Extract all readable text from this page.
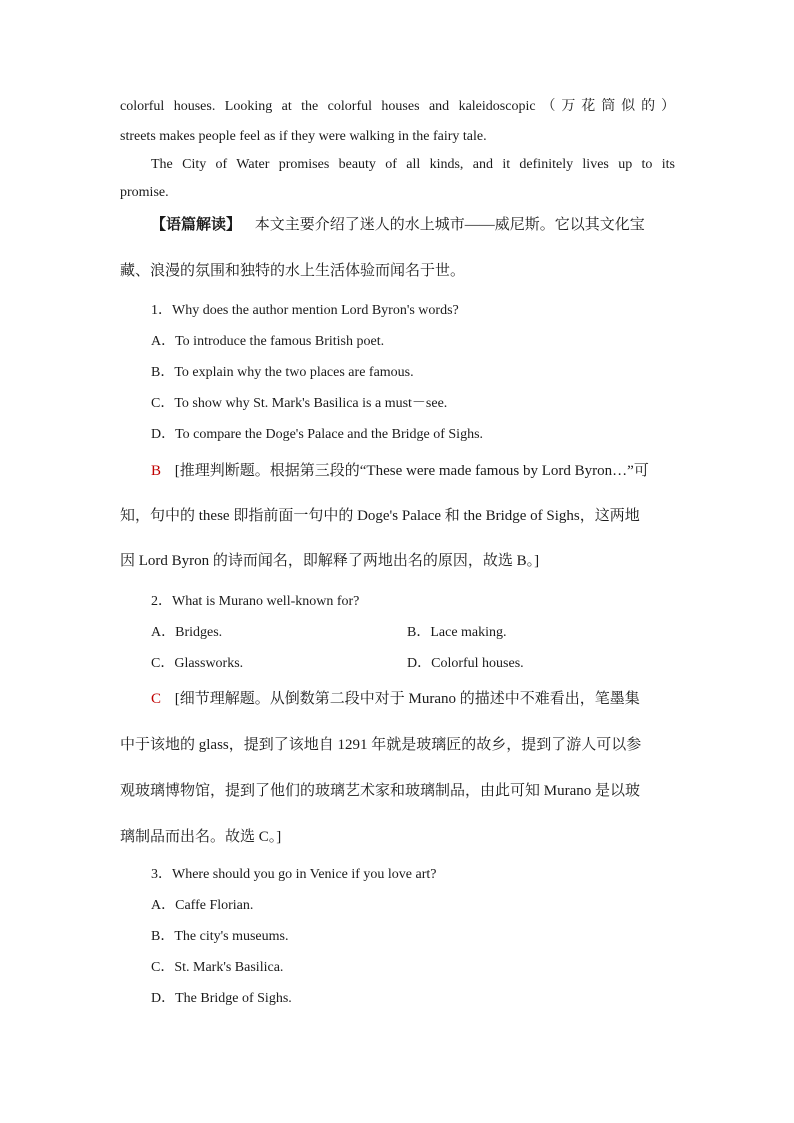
colorful houses. Looking at the colorful houses and kaleidoscopic（万花筒似的）
streets makes people feel as if they were walking in the fairy tale.
The City of Water promises beauty of all kinds, and it definitely lives up to its
promise.
【语篇解读】 本文主要介绍了迷人的水上城市——威尼斯。它以其文化宝
藏、浪漫的氛围和独特的水上生活体验而闻名于世。
1．Why does the author mention Lord Byron's words?
A．To introduce the famous British poet.
B．To explain why the two places are famous.
C．To show why St. Mark's Basilica is a must－see.
D．To compare the Doge's Palace and the Bridge of Sighs.
B [推理判断题。根据第三段的“These were made famous by Lord Byron…”可
知，句中的 these 即指前面一句中的 Doge's Palace 和 the Bridge of Sighs，这两地
因 Lord Byron 的诗而闻名，即解释了两地出名的原因，故选 B。]
2．What is Murano well-known for?
A．Bridges.	B．Lace making.
C．Glassworks.	D．Colorful houses.
C [细节理解题。从倒数第二段中对于 Murano 的描述中不难看出，笔墨集
中于该地的 glass，提到了该地自 1291 年就是玻璃匠的故乡，提到了游人可以参
观玻璃博物馆，提到了他们的玻璃艺术家和玻璃制品，由此可知 Murano 是以玻
璃制品而出名。故选 C。]
3．Where should you go in Venice if you love art?
A．Caffe Florian.
B．The city's museums.
C．St. Mark's Basilica.
D．The Bridge of Sighs.
